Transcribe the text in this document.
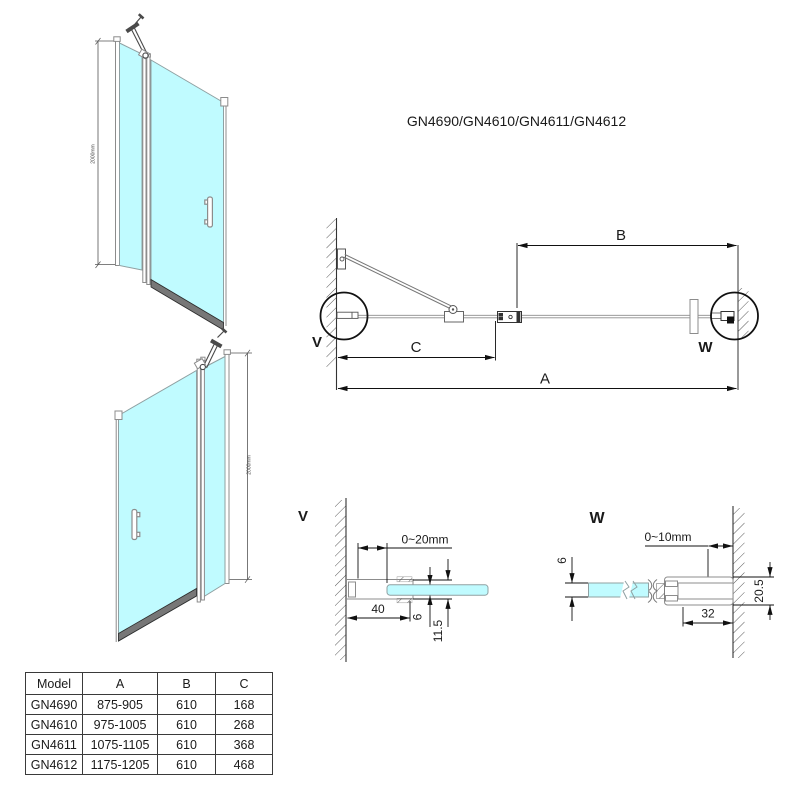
2000mm
2000mm
GN4690/GN4610/GN4611/GN4612
V	W
B
C
A
V
0~20mm
40
6
11.5
W
0~10mm
6
20.5
32
Model	A	B	C
GN4690	875-905	610	168
GN4610	975-1005	610	268
GN4611	1075-1105	610	368
GN4612	1175-1205	610	468
